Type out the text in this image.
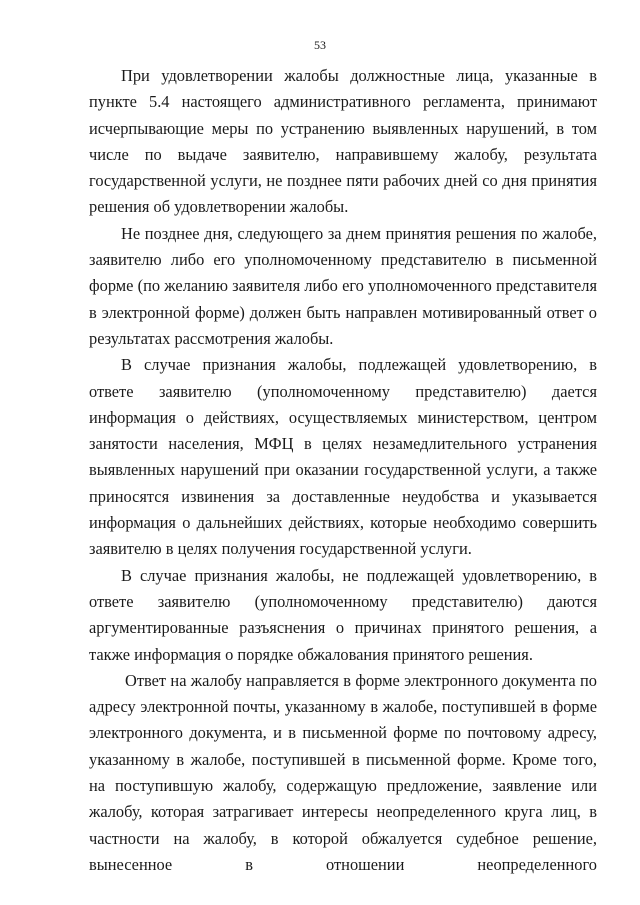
53

При удовлетворении жалобы должностные лица, указанные в пункте 5.4 настоящего административного регламента, принимают исчерпывающие меры по устранению выявленных нарушений, в том числе по выдаче заявителю, направившему жалобу, результата государственной услуги, не позднее пяти рабочих дней со дня принятия решения об удовлетворении жалобы.

Не позднее дня, следующего за днем принятия решения по жалобе, заявителю либо его уполномоченному представителю в письменной форме (по желанию заявителя либо его уполномоченного представителя в электронной форме) должен быть направлен мотивированный ответ о результатах рассмотрения жалобы.

В случае признания жалобы, подлежащей удовлетворению, в ответе заявителю (уполномоченному представителю) дается информация о действиях, осуществляемых министерством, центром занятости населения, МФЦ в целях незамедлительного устранения выявленных нарушений при оказании государственной услуги, а также приносятся извинения за доставленные неудобства и указывается информация о дальнейших действиях, которые необходимо совершить заявителю в целях получения государственной услуги.

В случае признания жалобы, не подлежащей удовлетворению, в ответе заявителю (уполномоченному представителю) даются аргументированные разъяснения о причинах принятого решения, а также информация о порядке обжалования принятого решения.

Ответ на жалобу направляется в форме электронного документа по адресу электронной почты, указанному в жалобе, поступившей в форме электронного документа, и в письменной форме по почтовому адресу, указанному в жалобе, поступившей в письменной форме. Кроме того, на поступившую жалобу, содержащую предложение, заявление или жалобу, которая затрагивает интересы неопределенного круга лиц, в частности на жалобу, в которой обжалуется судебное решение, вынесенное в отношении неопределенного
